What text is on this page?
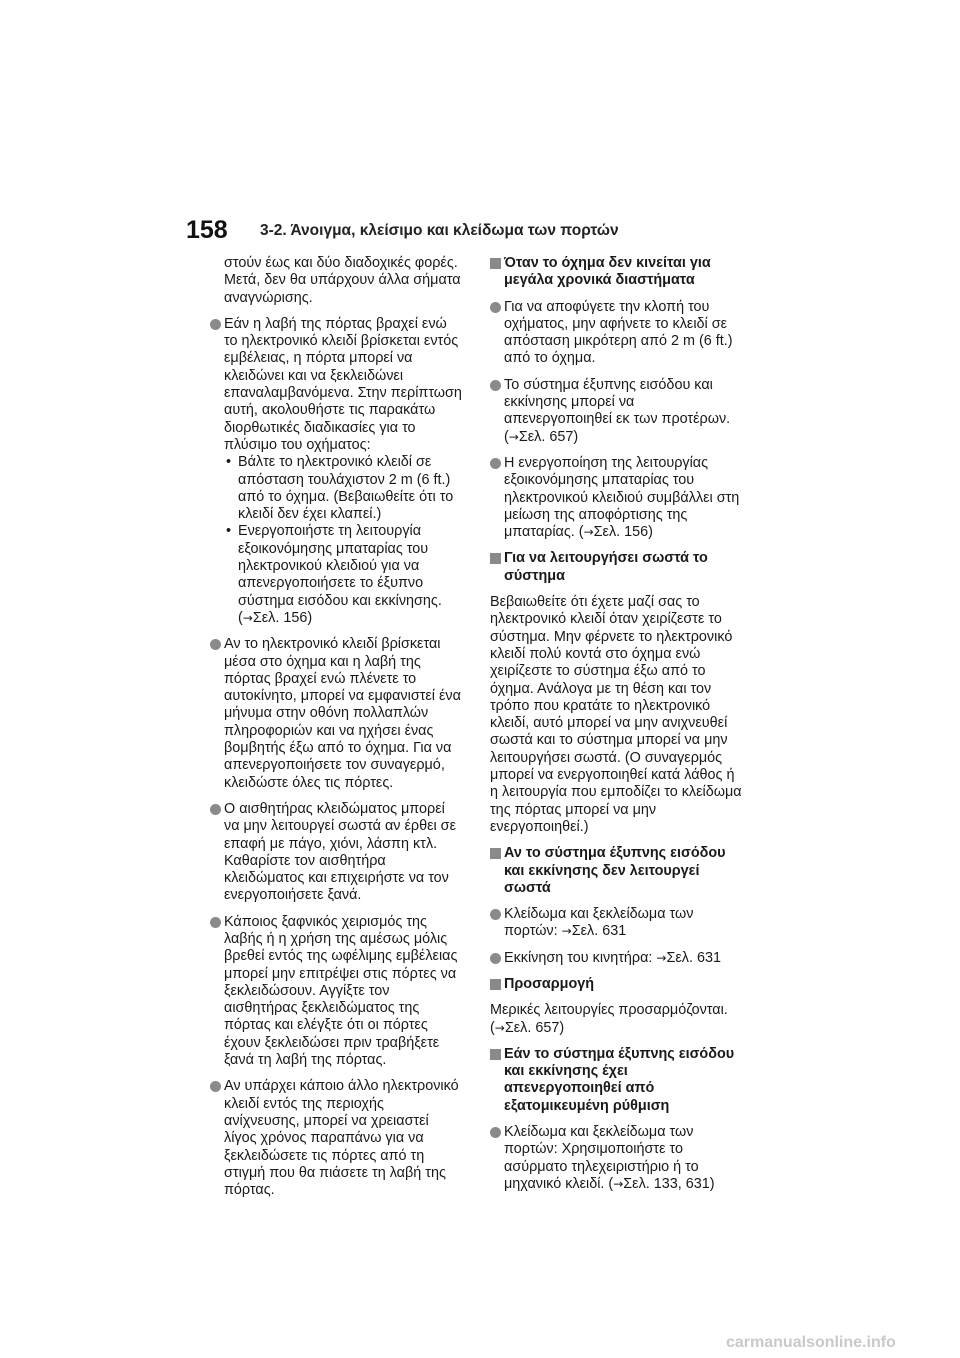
158 3-2. Άνοιγμα, κλείσιμο και κλείδωμα των πορτών

στούν έως και δύο διαδοχικές φορές. Μετά, δεν θα υπάρχουν άλλα σήματα αναγνώρισης.

Εάν η λαβή της πόρτας βραχεί ενώ το ηλεκτρονικό κλειδί βρίσκεται εντός εμβέλειας, η πόρτα μπορεί να κλειδώνει και να ξεκλειδώνει επαναλαμβανόμενα. Στην περίπτωση αυτή, ακολουθήστε τις παρακάτω διορθωτικές διαδικασίες για το πλύσιμο του οχήματος:
• Βάλτε το ηλεκτρονικό κλειδί σε απόσταση τουλάχιστον 2 m (6 ft.) από το όχημα. (Βεβαιωθείτε ότι το κλειδί δεν έχει κλαπεί.)
• Ενεργοποιήστε τη λειτουργία εξοικονόμησης μπαταρίας του ηλεκτρονικού κλειδιού για να απενεργοποιήσετε το έξυπνο σύστημα εισόδου και εκκίνησης. (→Σελ. 156)
Αν το ηλεκτρονικό κλειδί βρίσκεται μέσα στο όχημα και η λαβή της πόρτας βραχεί ενώ πλένετε το αυτοκίνητο, μπορεί να εμφανιστεί ένα μήνυμα στην οθόνη πολλαπλών πληροφοριών και να ηχήσει ένας βομβητής έξω από το όχημα. Για να απενεργοποιήσετε τον συναγερμό, κλειδώστε όλες τις πόρτες.
Ο αισθητήρας κλειδώματος μπορεί να μην λειτουργεί σωστά αν έρθει σε επαφή με πάγο, χιόνι, λάσπη κτλ. Καθαρίστε τον αισθητήρα κλειδώματος και επιχειρήστε να τον ενεργοποιήσετε ξανά.
Κάποιος ξαφνικός χειρισμός της λαβής ή η χρήση της αμέσως μόλις βρεθεί εντός της ωφέλιμης εμβέλειας μπορεί μην επιτρέψει στις πόρτες να ξεκλειδώσουν. Αγγίξτε τον αισθητήρας ξεκλειδώματος της πόρτας και ελέγξτε ότι οι πόρτες έχουν ξεκλειδώσει πριν τραβήξετε ξανά τη λαβή της πόρτας.
Αν υπάρχει κάποιο άλλο ηλεκτρονικό κλειδί εντός της περιοχής ανίχνευσης, μπορεί να χρειαστεί λίγος χρόνος παραπάνω για να ξεκλειδώσετε τις πόρτες από τη στιγμή που θα πιάσετε τη λαβή της πόρτας.
Όταν το όχημα δεν κινείται για μεγάλα χρονικά διαστήματα
Για να αποφύγετε την κλοπή του οχήματος, μην αφήνετε το κλειδί σε απόσταση μικρότερη από 2 m (6 ft.) από το όχημα.
Το σύστημα έξυπνης εισόδου και εκκίνησης μπορεί να απενεργοποιηθεί εκ των προτέρων. (→Σελ. 657)
Η ενεργοποίηση της λειτουργίας εξοικονόμησης μπαταρίας του ηλεκτρονικού κλειδιού συμβάλλει στη μείωση της αποφόρτισης της μπαταρίας. (→Σελ. 156)
Για να λειτουργήσει σωστά το σύστημα

Βεβαιωθείτε ότι έχετε μαζί σας το ηλεκτρονικό κλειδί όταν χειρίζεστε το σύστημα. Μην φέρνετε το ηλεκτρονικό κλειδί πολύ κοντά στο όχημα ενώ χειρίζεστε το σύστημα έξω από το όχημα. Ανάλογα με τη θέση και τον τρόπο που κρατάτε το ηλεκτρονικό κλειδί, αυτό μπορεί να μην ανιχνευθεί σωστά και το σύστημα μπορεί να μην λειτουργήσει σωστά. (Ο συναγερμός μπορεί να ενεργοποιηθεί κατά λάθος ή η λειτουργία που εμποδίζει το κλείδωμα της πόρτας μπορεί να μην ενεργοποιηθεί.)

Αν το σύστημα έξυπνης εισόδου και εκκίνησης δεν λειτουργεί σωστά
Κλείδωμα και ξεκλείδωμα των πορτών: →Σελ. 631
Εκκίνηση του κινητήρα: →Σελ. 631
Προσαρμογή

Μερικές λειτουργίες προσαρμόζονται. (→Σελ. 657)

Εάν το σύστημα έξυπνης εισόδου και εκκίνησης έχει απενεργοποιηθεί από εξατομικευμένη ρύθμιση
Κλείδωμα και ξεκλείδωμα των πορτών: Χρησιμοποιήστε το ασύρματο τηλεχειριστήριο ή το μηχανικό κλειδί. (→Σελ. 133, 631)
carmanualsonline.info
